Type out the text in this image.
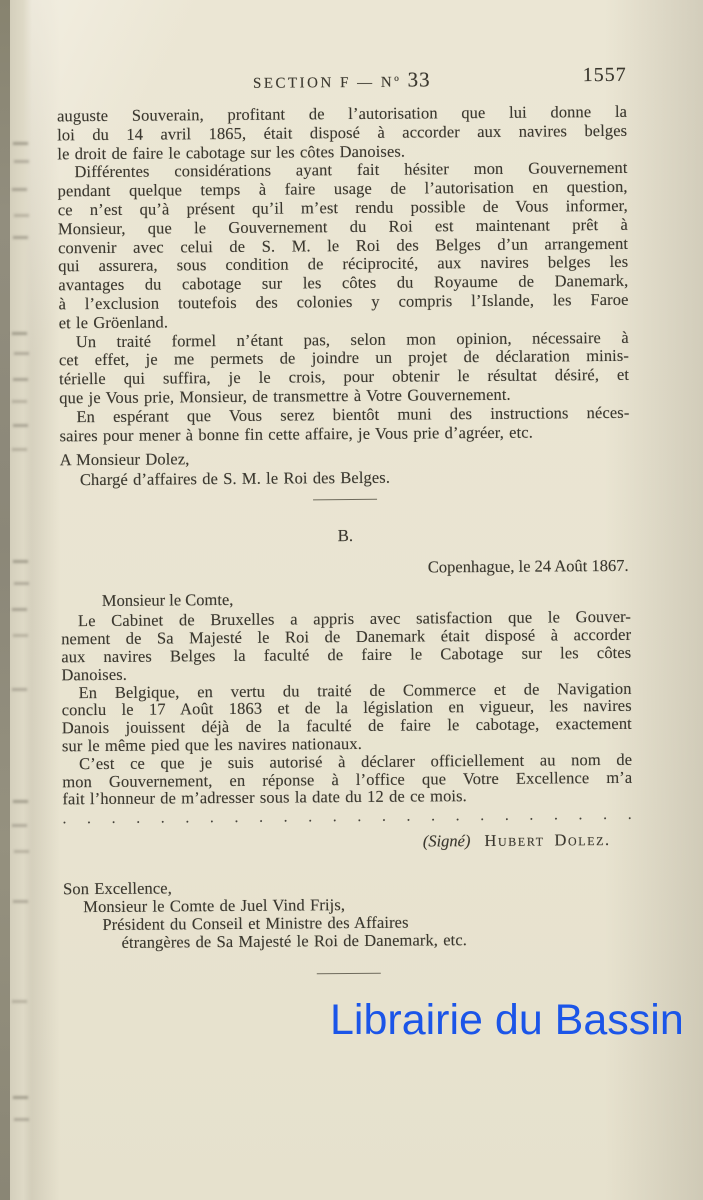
SECTION F — Nº 33	1557
auguste Souverain, profitant de l’autorisation que lui donne la
loi du 14 avril 1865, était disposé à accorder aux navires belges
le droit de faire le cabotage sur les côtes Danoises.
Différentes considérations ayant fait hésiter mon Gouvernement
pendant quelque temps à faire usage de l’autorisation en question,
ce n’est qu’à présent qu’il m’est rendu possible de Vous informer,
Monsieur, que le Gouvernement du Roi est maintenant prêt à
convenir avec celui de S. M. le Roi des Belges d’un arrangement
qui assurera, sous condition de réciprocité, aux navires belges les
avantages du cabotage sur les côtes du Royaume de Danemark,
à l’exclusion toutefois des colonies y compris l’Islande, les Faroe
et le Gröenland.
Un traité formel n’étant pas, selon mon opinion, nécessaire à
cet effet, je me permets de joindre un projet de déclaration minis-
térielle qui suffira, je le crois, pour obtenir le résultat désiré, et
que je Vous prie, Monsieur, de transmettre à Votre Gouvernement.
En espérant que Vous serez bientôt muni des instructions néces-
saires pour mener à bonne fin cette affaire, je Vous prie d’agréer, etc.
A Monsieur Dolez,
Chargé d’affaires de S. M. le Roi des Belges.
B.
Copenhague, le 24 Août 1867.
Monsieur le Comte,
Le Cabinet de Bruxelles a appris avec satisfaction que le Gouver-
nement de Sa Majesté le Roi de Danemark était disposé à accorder
aux navires Belges la faculté de faire le Cabotage sur les côtes
Danoises.
En Belgique, en vertu du traité de Commerce et de Navigation
conclu le 17 Août 1863 et de la législation en vigueur, les navires
Danois jouissent déjà de la faculté de faire le cabotage, exactement
sur le même pied que les navires nationaux.
C’est ce que je suis autorisé à déclarer officiellement au nom de
mon Gouvernement, en réponse à l’office que Votre Excellence m’a
fait l’honneur de m’adresser sous la date du 12 de ce mois.
. . . . . . . . . . . . . . . . . . . . . . . .
(Signé) Hubert Dolez.
Son Excellence,
Monsieur le Comte de Juel Vind Frijs,
Président du Conseil et Ministre des Affaires
étrangères de Sa Majesté le Roi de Danemark, etc.
Librairie du Bassin
